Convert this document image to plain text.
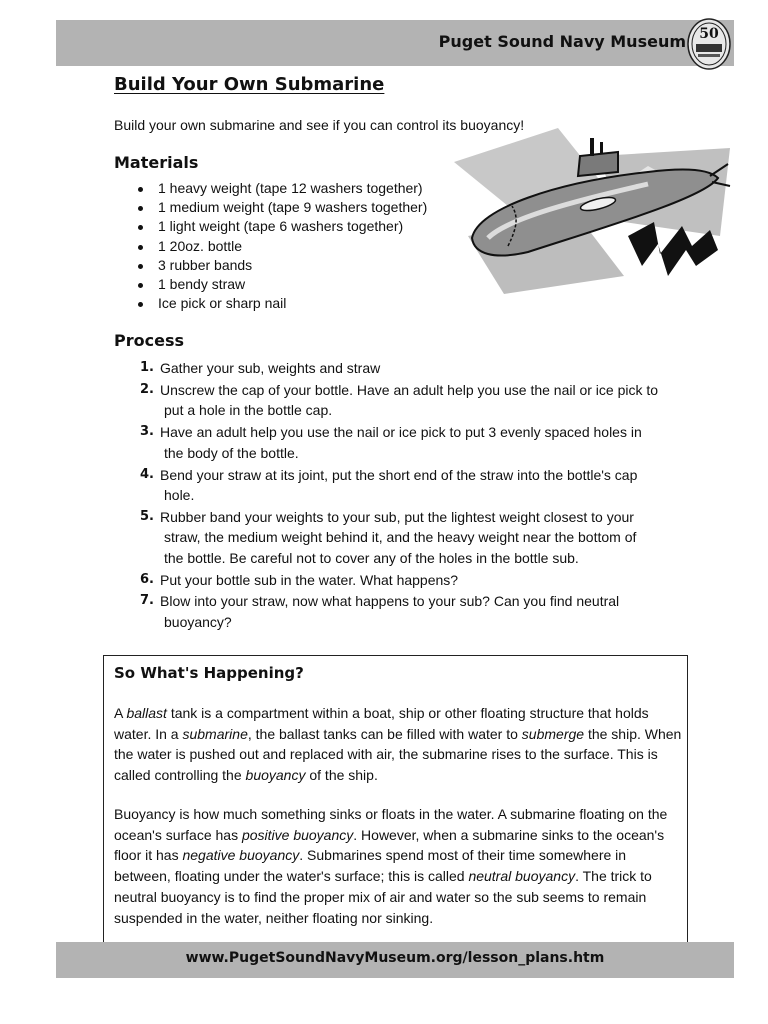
Puget Sound Navy Museum 50
Build Your Own Submarine

Build your own submarine and see if you can control its buoyancy!

Materials
1 heavy weight (tape 12 washers together)
1 medium weight (tape 9 washers together)
1 light weight (tape 6 washers together)
1 20oz. bottle
3 rubber bands
1 bendy straw
Ice pick or sharp nail
Process
1. Gather your sub, weights and straw
2. Unscrew the cap of your bottle. Have an adult help you use the nail or ice pick to
put a hole in the bottle cap.
3. Have an adult help you use the nail or ice pick to put 3 evenly spaced holes in
the body of the bottle.
4. Bend your straw at its joint, put the short end of the straw into the bottle's cap
hole.
5. Rubber band your weights to your sub, put the lightest weight closest to your
straw, the medium weight behind it, and the heavy weight near the bottom of
the bottle. Be careful not to cover any of the holes in the bottle sub.
6. Put your bottle sub in the water. What happens?
7. Blow into your straw, now what happens to your sub? Can you find neutral
buoyancy?
So What's Happening?

A ballast tank is a compartment within a boat, ship or other floating structure that holds water. In a submarine, the ballast tanks can be filled with water to submerge the ship. When the water is pushed out and replaced with air, the submarine rises to the surface. This is called controlling the buoyancy of the ship.

Buoyancy is how much something sinks or floats in the water. A submarine floating on the ocean's surface has positive buoyancy. However, when a submarine sinks to the ocean's floor it has negative buoyancy. Submarines spend most of their time somewhere in between, floating under the water's surface; this is called neutral buoyancy. The trick to neutral buoyancy is to find the proper mix of air and water so the sub seems to remain suspended in the water, neither floating nor sinking.

www.PugetSoundNavyMuseum.org/lesson_plans.htm
